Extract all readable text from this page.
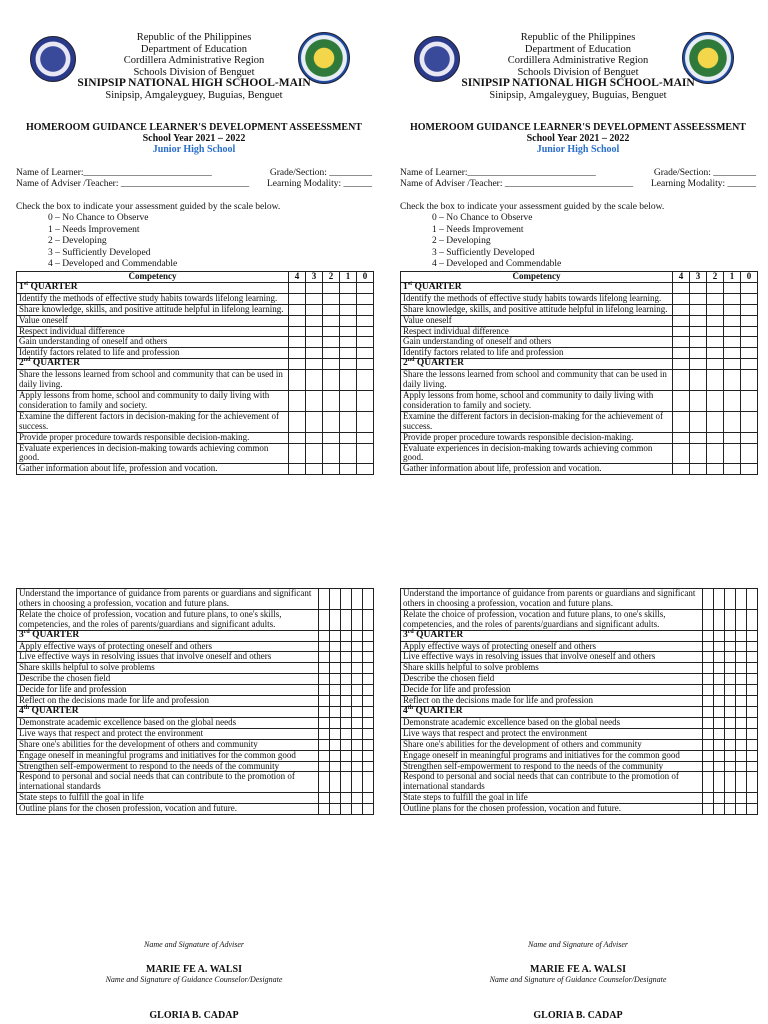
Republic of the Philippines
Department of Education
Cordillera Administrative Region
Schools Division of Benguet
SINIPSIP NATIONAL HIGH SCHOOL-MAIN
Sinipsip, Amgaleyguey, Buguias, Benguet
HOMEROOM GUIDANCE LEARNER'S DEVELOPMENT ASSEESSMENT
School Year 2021 – 2022
Junior High School
Name of Learner:___________________________	Grade/Section: _________
Name of Adviser /Teacher: ___________________________ Learning Modality: ______
Check the box to indicate your assessment guided by the scale below.
0 – No Chance to Observe
1 – Needs Improvement
2 – Developing
3 – Sufficiently Developed
4 – Developed and Commendable
Competency	4	3	2	1	0
1st QUARTER					
Identify the methods of effective study habits towards lifelong learning.					
Share knowledge, skills, and positive attitude helpful in lifelong learning.					
Value oneself					
Respect individual difference					
Gain understanding of oneself and others					
Identify factors related to life and profession					
2nd QUARTER					
Share the lessons learned from school and community that can be used in daily living.					
Apply lessons from home, school and community to daily living with consideration to family and society.					
Examine the different factors in decision-making for the achievement of success.					
Provide proper procedure towards responsible decision-making.					
Evaluate experiences in decision-making towards achieving common good.					
Gather information about life, profession and vocation.					
Understand the importance of guidance from parents or guardians and significant others in choosing a profession, vocation and future plans.					
Relate the choice of profession, vocation and future plans, to one's skills, competencies, and the roles of parents/guardians and significant adults.					
3rd QUARTER					
Apply effective ways of protecting oneself and others					
Live effective ways in resolving issues that involve oneself and others					
Share skills helpful to solve problems					
Describe the chosen field					
Decide for life and profession					
Reflect on the decisions made for life and profession					
4th QUARTER					
Demonstrate academic excellence based on the global needs					
Live ways that respect and protect the environment					
Share one's abilities for the development of others and community					
Engage oneself in meaningful programs and initiatives for the common good					
Strengthen self-empowerment to respond to the needs of the community					
Respond to personal and social needs that can contribute to the promotion of international standards					
State steps to fulfill the goal in life					
Outline plans for the chosen profession, vocation and future.					
Name and Signature of Adviser
MARIE FE A. WALSI
Name and Signature of Guidance Counselor/Designate
GLORIA B. CADAP
Republic of the Philippines
Department of Education
Cordillera Administrative Region
Schools Division of Benguet
SINIPSIP NATIONAL HIGH SCHOOL-MAIN
Sinipsip, Amgaleyguey, Buguias, Benguet
HOMEROOM GUIDANCE LEARNER'S DEVELOPMENT ASSEESSMENT
School Year 2021 – 2022
Junior High School
Name of Learner:___________________________	Grade/Section: _________
Name of Adviser /Teacher: ___________________________ Learning Modality: ______
Check the box to indicate your assessment guided by the scale below.
0 – No Chance to Observe
1 – Needs Improvement
2 – Developing
3 – Sufficiently Developed
4 – Developed and Commendable
Competency	4	3	2	1	0
1st QUARTER					
Identify the methods of effective study habits towards lifelong learning.					
Share knowledge, skills, and positive attitude helpful in lifelong learning.					
Value oneself					
Respect individual difference					
Gain understanding of oneself and others					
Identify factors related to life and profession					
2nd QUARTER					
Share the lessons learned from school and community that can be used in daily living.					
Apply lessons from home, school and community to daily living with consideration to family and society.					
Examine the different factors in decision-making for the achievement of success.					
Provide proper procedure towards responsible decision-making.					
Evaluate experiences in decision-making towards achieving common good.					
Gather information about life, profession and vocation.					
Understand the importance of guidance from parents or guardians and significant others in choosing a profession, vocation and future plans.					
Relate the choice of profession, vocation and future plans, to one's skills, competencies, and the roles of parents/guardians and significant adults.					
3rd QUARTER					
Apply effective ways of protecting oneself and others					
Live effective ways in resolving issues that involve oneself and others					
Share skills helpful to solve problems					
Describe the chosen field					
Decide for life and profession					
Reflect on the decisions made for life and profession					
4th QUARTER					
Demonstrate academic excellence based on the global needs					
Live ways that respect and protect the environment					
Share one's abilities for the development of others and community					
Engage oneself in meaningful programs and initiatives for the common good					
Strengthen self-empowerment to respond to the needs of the community					
Respond to personal and social needs that can contribute to the promotion of international standards					
State steps to fulfill the goal in life					
Outline plans for the chosen profession, vocation and future.					
Name and Signature of Adviser
MARIE FE A. WALSI
Name and Signature of Guidance Counselor/Designate
GLORIA B. CADAP
